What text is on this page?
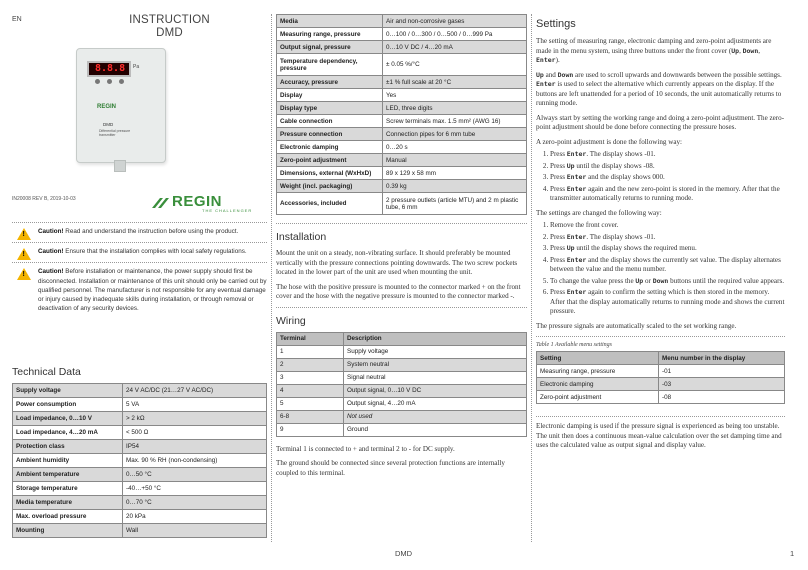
EN	INSTRUCTION
DMD
8.8.8 Pa
REGIN
DMD
Differential pressure transmitter
IN20008 REV B, 2019-10-03	REGIN
THE CHALLENGER
!
Caution! Read and understand the instruction before using the product.
!
Caution! Ensure that the installation complies with local safety regulations.
!
Caution! Before installation or maintenance, the power supply should first be disconnected. Installation or maintenance of this unit should only be carried out by qualified personnel. The manufacturer is not responsible for any eventual damage or injury caused by inadequate skills during installation, or through removal or deactivation of any security devices.
Technical Data
Supply voltage	24 V AC/DC (21…27 V AC/DC)
Power consumption	5 VA
Load impedance, 0…10 V	> 2 kΩ
Load impedance, 4…20 mA	< 500 Ω
Protection class	IP54
Ambient humidity	Max. 90 % RH (non-condensing)
Ambient temperature	0…50 °C
Storage temperature	-40…+50 °C
Media temperature	0…70 °C
Max. overload pressure	20 kPa
Mounting	Wall
Media	Air and non-corrosive gases
Measuring range, pressure	0…100 / 0…300 / 0…500 / 0…999 Pa
Output signal, pressure	0…10 V DC / 4…20 mA
Temperature dependency, pressure	± 0.05 %/°C
Accuracy, pressure	±1 % full scale at 20 °C
Display	Yes
Display type	LED, three digits
Cable connection	Screw terminals max. 1.5 mm² (AWG 16)
Pressure connection	Connection pipes for 6 mm tube
Electronic damping	0…20 s
Zero-point adjustment	Manual
Dimensions, external (WxHxD)	89 x 129 x 58 mm
Weight (incl. packaging)	0.39 kg
Accessories, included	2 pressure outlets (article MTU) and 2 m plastic tube, 6 mm
Installation

Mount the unit on a steady, non-vibrating surface. It should preferably be mounted vertically with the pressure connections pointing downwards. The two screw pockets located in the lower part of the unit are used when mounting the unit.

The hose with the positive pressure is mounted to the connector marked + on the front cover and the hose with the negative pressure is mounted to the connector marked -.

Wiring
Terminal	Description
1	Supply voltage
2	System neutral
3	Signal neutral
4	Output signal, 0…10 V DC
5	Output signal, 4…20 mA
6-8	Not used
9	Ground

Terminal 1 is connected to + and terminal 2 to - for DC supply.

The ground should be connected since several protection functions are internally coupled to this terminal.

Settings

The setting of measuring range, electronic damping and zero-point adjustments are made in the menu system, using three buttons under the front cover (Up, Down, Enter).

Up and Down are used to scroll upwards and downwards between the possible settings. Enter is used to select the alternative which currently appears on the display. If the buttons are left unattended for a period of 10 seconds, the unit automatically returns to running mode.

Always start by setting the working range and doing a zero-point adjustment. The zero-point adjustment should be done before connecting the pressure hoses.

A zero-point adjustment is done the following way:

1. Press Enter. The display shows -01.
2. Press Up until the display shows -08.
3. Press Enter and the display shows 000.
4. Press Enter again and the new zero-point is stored in the memory. After that the transmitter automatically returns to running mode.

The settings are changed the following way:

1. Remove the front cover.
2. Press Enter. The display shows -01.
3. Press Up until the display shows the required menu.
4. Press Enter and the display shows the currently set value. The display alternates between the value and the menu number.
5. To change the value press the Up or Down buttons until the required value appears.
6. Press Enter again to confirm the setting which is then stored in the memory. After that the display automatically returns to running mode and shows the current pressure.

The pressure signals are automatically scaled to the set working range.

Table 1 Available menu settings
Setting	Menu number in the display
Measuring range, pressure	-01
Electronic damping	-03
Zero-point adjustment	-08

Electronic damping is used if the pressure signal is experienced as being too unstable. The unit then does a continuous mean-value calculation over the set damping time and uses the calculated value as output signal and display value.

DMD	1
